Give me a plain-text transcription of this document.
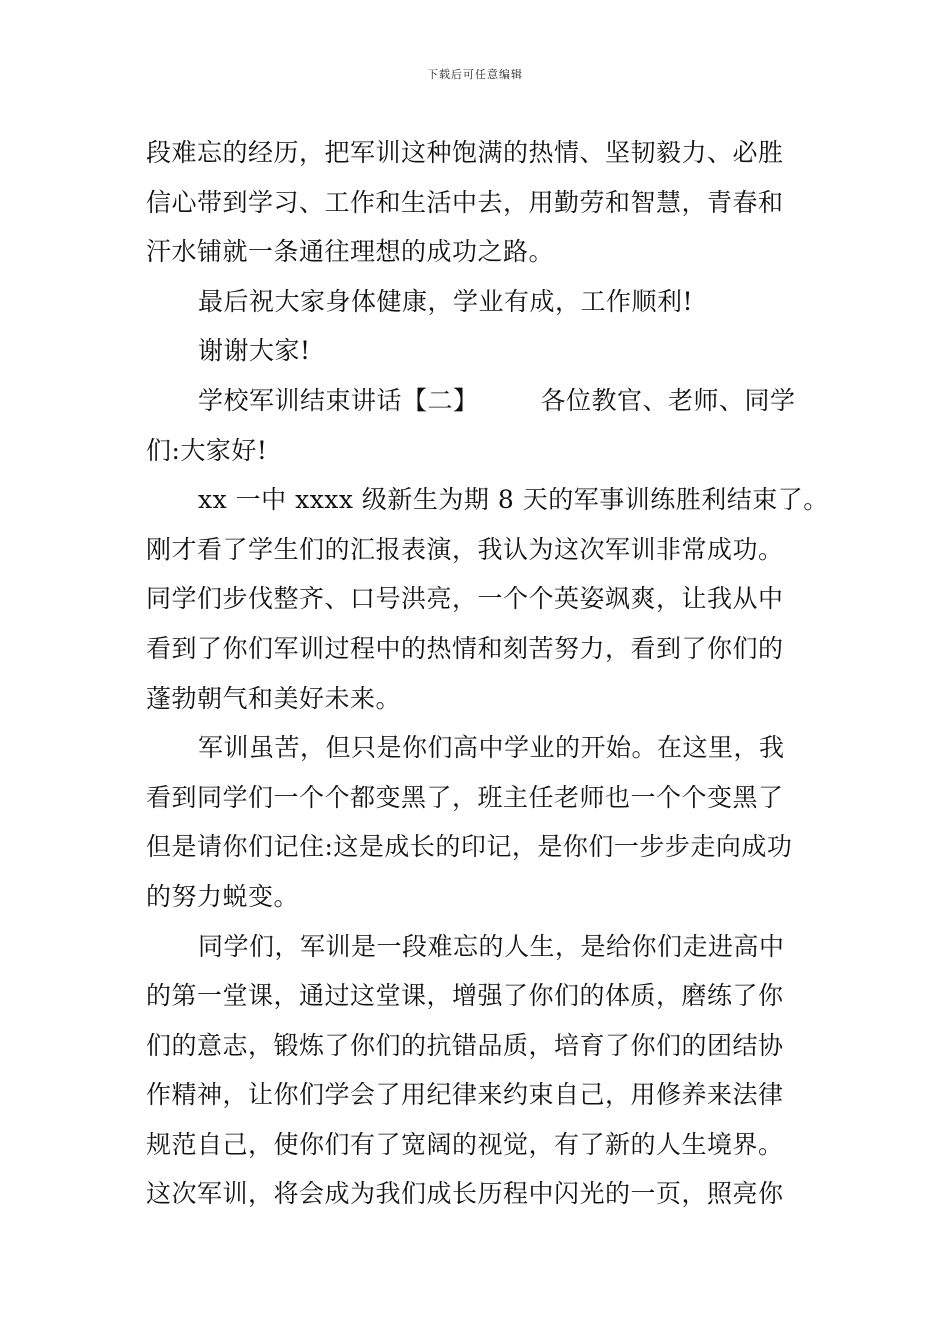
下载后可任意编辑
段难忘的经历，把军训这种饱满的热情、坚韧毅力、必胜
信心带到学习、工作和生活中去，用勤劳和智慧，青春和
汗水铺就一条通往理想的成功之路。
最后祝大家身体健康，学业有成，工作顺利!
谢谢大家!
学校军训结束讲话【二】 各位教官、老师、同学
们:大家好!
xx 一中 xxxx 级新生为期 8 天的军事训练胜利结束了。
刚才看了学生们的汇报表演，我认为这次军训非常成功。
同学们步伐整齐、口号洪亮，一个个英姿飒爽，让我从中
看到了你们军训过程中的热情和刻苦努力，看到了你们的
蓬勃朝气和美好未来。
军训虽苦，但只是你们高中学业的开始。在这里，我
看到同学们一个个都变黑了，班主任老师也一个个变黑了
但是请你们记住:这是成长的印记，是你们一步步走向成功
的努力蜕变。
同学们，军训是一段难忘的人生，是给你们走进高中
的第一堂课，通过这堂课，增强了你们的体质，磨练了你
们的意志，锻炼了你们的抗错品质，培育了你们的团结协
作精神，让你们学会了用纪律来约束自己，用修养来法律
规范自己，使你们有了宽阔的视觉，有了新的人生境界。
这次军训，将会成为我们成长历程中闪光的一页，照亮你
